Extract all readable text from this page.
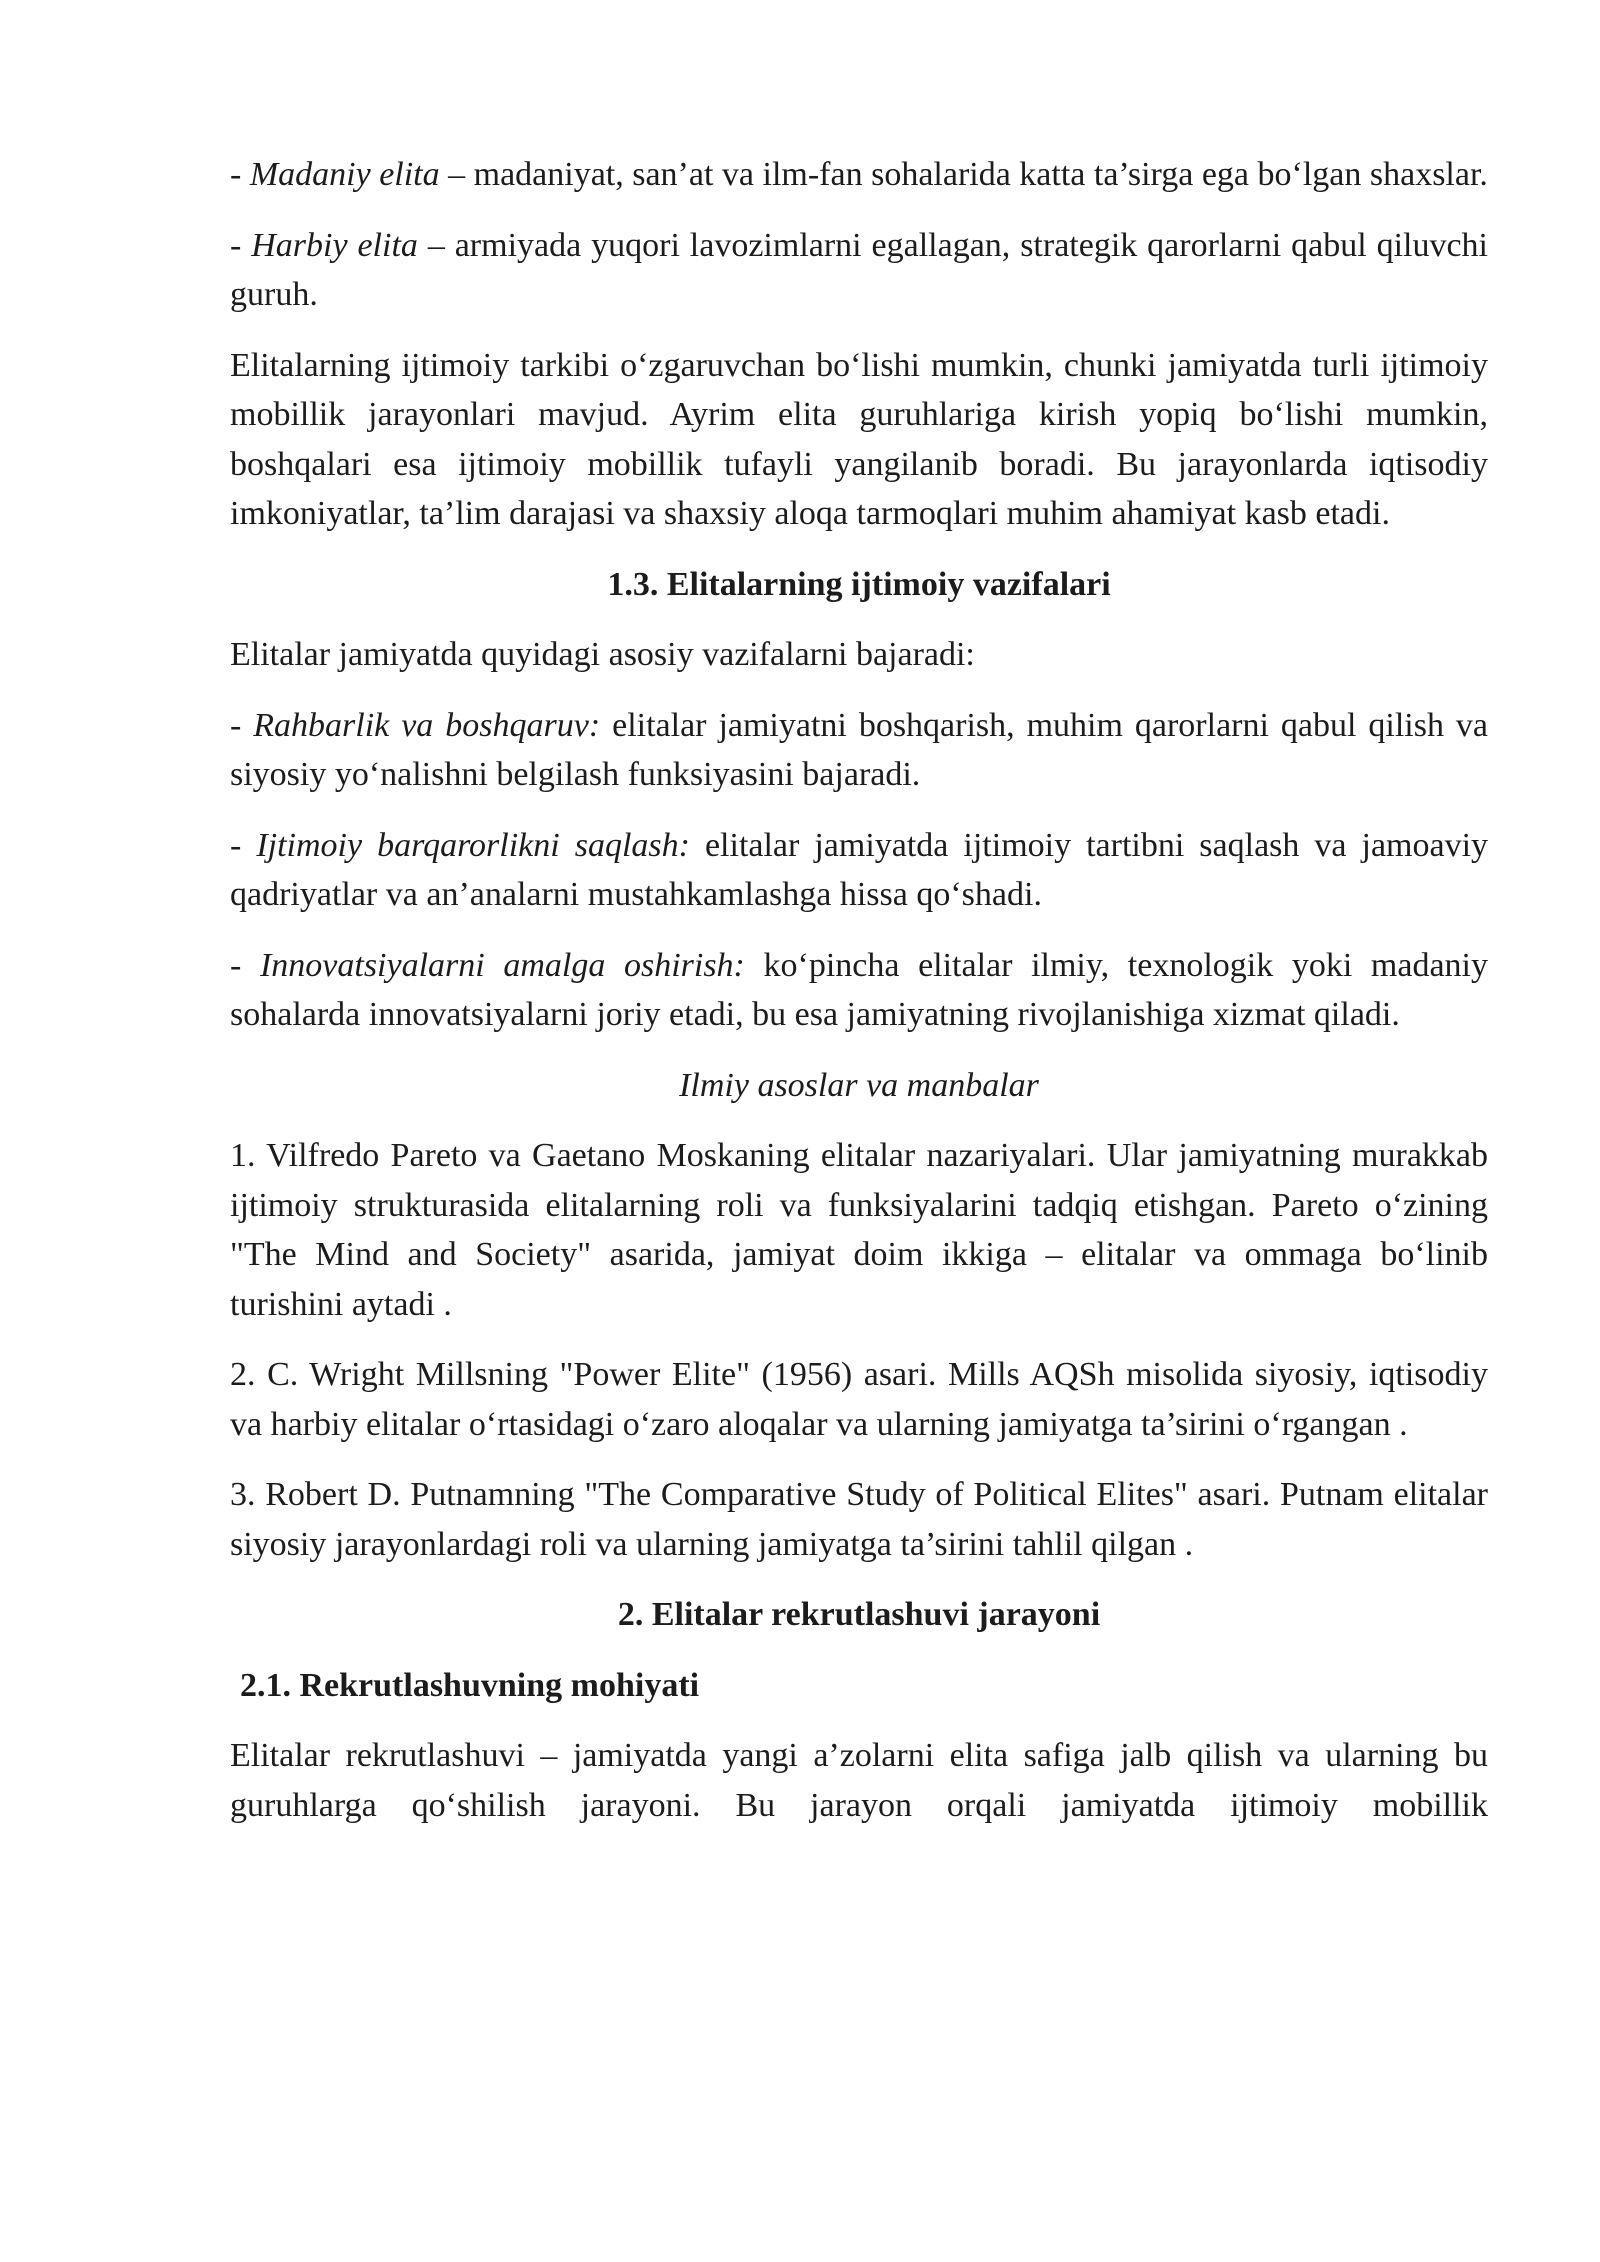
- Madaniy elita – madaniyat, san’at va ilm-fan sohalarida katta ta’sirga ega bo‘lgan shaxslar.

- Harbiy elita – armiyada yuqori lavozimlarni egallagan, strategik qarorlarni qabul qiluvchi guruh.

Elitalarning ijtimoiy tarkibi o‘zgaruvchan bo‘lishi mumkin, chunki jamiyatda turli ijtimoiy mobillik jarayonlari mavjud. Ayrim elita guruhlariga kirish yopiq bo‘lishi mumkin, boshqalari esa ijtimoiy mobillik tufayli yangilanib boradi. Bu jarayonlarda iqtisodiy imkoniyatlar, ta’lim darajasi va shaxsiy aloqa tarmoqlari muhim ahamiyat kasb etadi.

1.3. Elitalarning ijtimoiy vazifalari

Elitalar jamiyatda quyidagi asosiy vazifalarni bajaradi:

- Rahbarlik va boshqaruv: elitalar jamiyatni boshqarish, muhim qarorlarni qabul qilish va siyosiy yo‘nalishni belgilash funksiyasini bajaradi.

- Ijtimoiy barqarorlikni saqlash: elitalar jamiyatda ijtimoiy tartibni saqlash va jamoaviy qadriyatlar va an’analarni mustahkamlashga hissa qo‘shadi.

- Innovatsiyalarni amalga oshirish: ko‘pincha elitalar ilmiy, texnologik yoki madaniy sohalarda innovatsiyalarni joriy etadi, bu esa jamiyatning rivojlanishiga xizmat qiladi.

Ilmiy asoslar va manbalar

1. Vilfredo Pareto va Gaetano Moskaning elitalar nazariyalari. Ular jamiyatning murakkab ijtimoiy strukturasida elitalarning roli va funksiyalarini tadqiq etishgan. Pareto o‘zining "The Mind and Society" asarida, jamiyat doim ikkiga – elitalar va ommaga bo‘linib turishini aytadi .

2. C. Wright Millsning "Power Elite" (1956) asari. Mills AQSh misolida siyosiy, iqtisodiy va harbiy elitalar o‘rtasidagi o‘zaro aloqalar va ularning jamiyatga ta’sirini o‘rgangan .

3. Robert D. Putnamning "The Comparative Study of Political Elites" asari. Putnam elitalar siyosiy jarayonlardagi roli va ularning jamiyatga ta’sirini tahlil qilgan .

2. Elitalar rekrutlashuvi jarayoni
2.1. Rekrutlashuvning mohiyati

Elitalar rekrutlashuvi – jamiyatda yangi a’zolarni elita safiga jalb qilish va ularning bu guruhlarga qo‘shilish jarayoni. Bu jarayon orqali jamiyatda ijtimoiy mobillik
